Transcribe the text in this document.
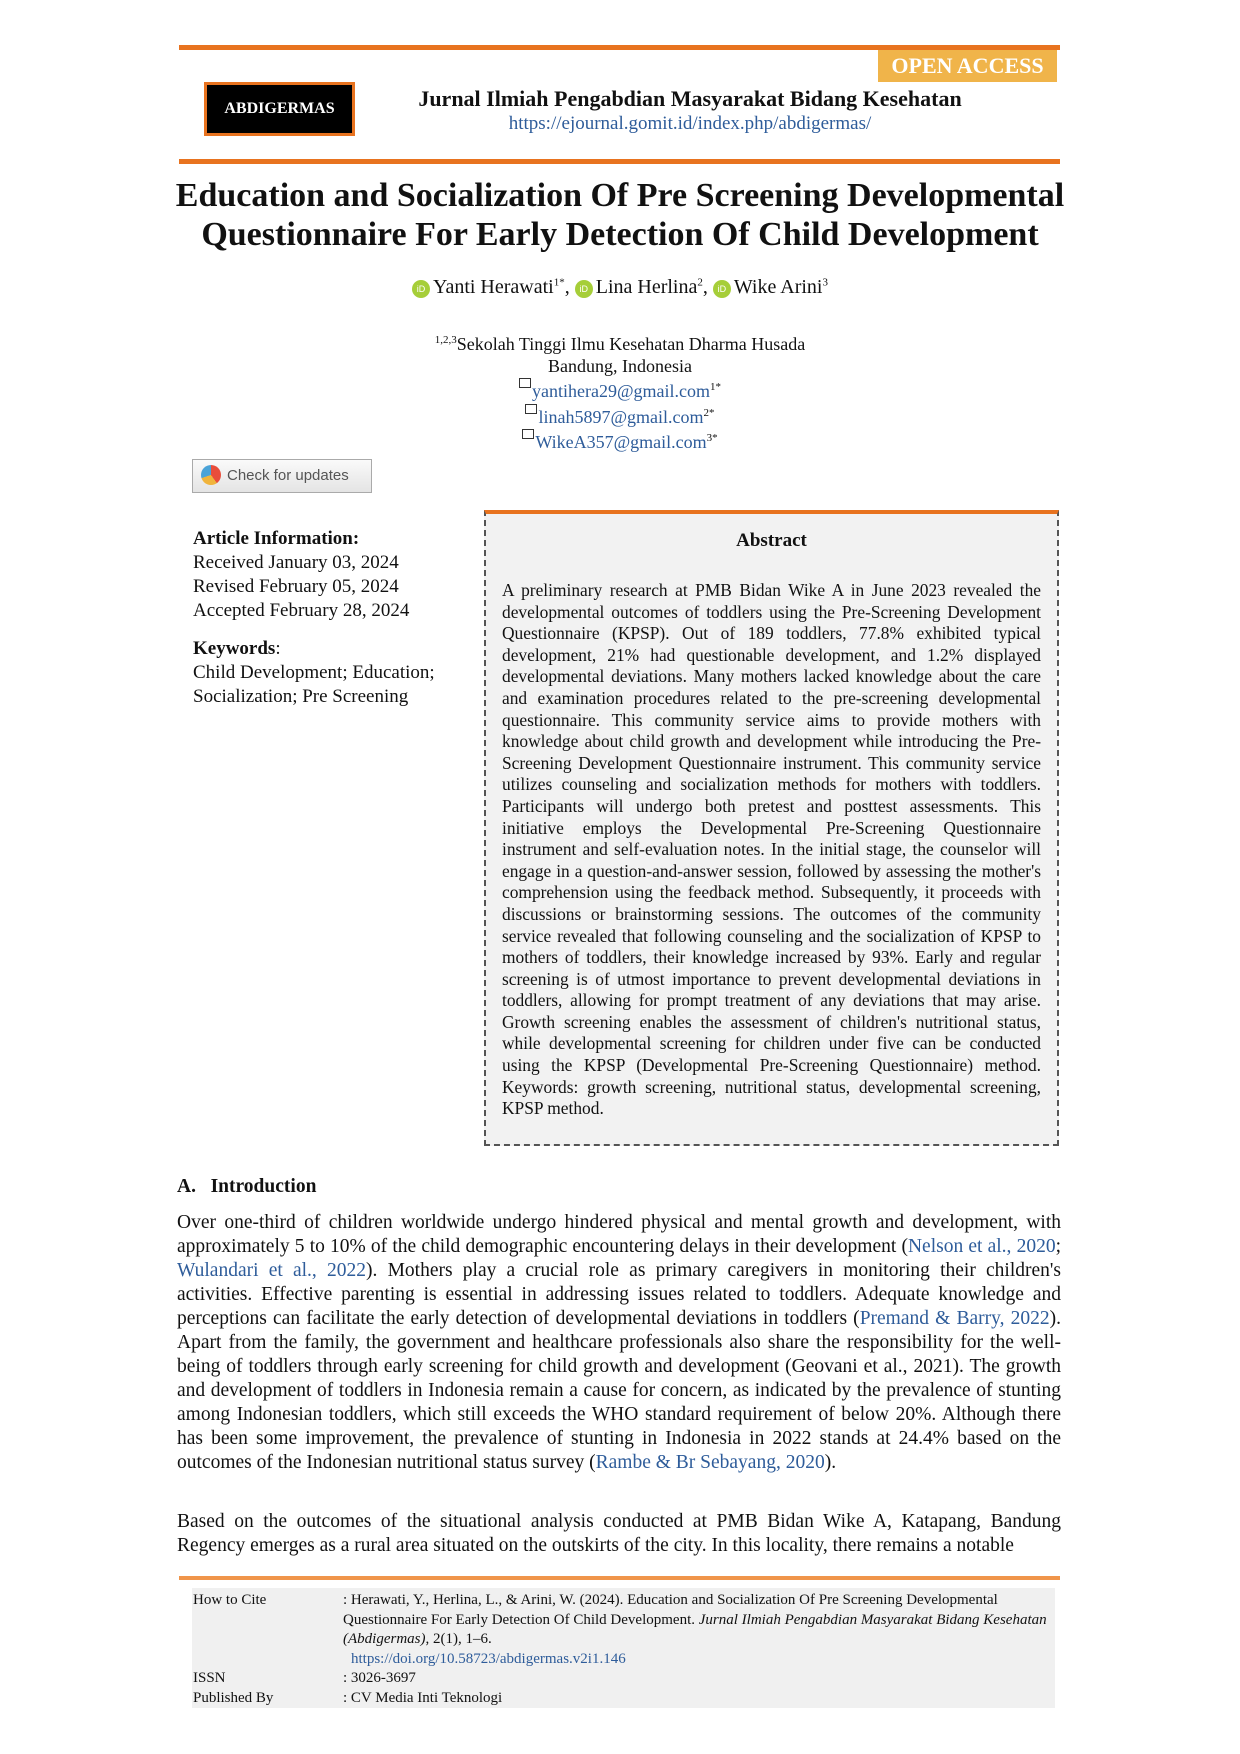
OPEN ACCESS
ABDIGERMAS	Jurnal Ilmiah Pengabdian Masyarakat Bidang Kesehatan
https://ejournal.gomit.id/index.php/abdigermas/
Education and Socialization Of Pre Screening Developmental
Questionnaire For Early Detection Of Child Development
iD Yanti Herawati$^{1*}$, iD Lina Herlina$^2$, iD Wike Arini$^3$
$^{1,2,3}$Sekolah Tinggi Ilmu Kesehatan Dharma Husada
Bandung, Indonesia
yantihera29@gmail.com$^{1*}$
linah5897@gmail.com$^{2*}$
WikeA357@gmail.com$^{3*}$
Check for updates
Article Information:
Received January 03, 2024
Revised February 05, 2024
Accepted February 28, 2024
Keywords:
Child Development; Education; Socialization; Pre Screening
Abstract
A preliminary research at PMB Bidan Wike A in June 2023 revealed the developmental outcomes of toddlers using the Pre-Screening Development Questionnaire (KPSP). Out of 189 toddlers, 77.8% exhibited typical development, 21% had questionable development, and 1.2% displayed developmental deviations. Many mothers lacked knowledge about the care and examination procedures related to the pre-screening developmental questionnaire. This community service aims to provide mothers with knowledge about child growth and development while introducing the Pre-Screening Development Questionnaire instrument. This community service utilizes counseling and socialization methods for mothers with toddlers. Participants will undergo both pretest and posttest assessments. This initiative employs the Developmental Pre-Screening Questionnaire instrument and self-evaluation notes. In the initial stage, the counselor will engage in a question-and-answer session, followed by assessing the mother's comprehension using the feedback method. Subsequently, it proceeds with discussions or brainstorming sessions. The outcomes of the community service revealed that following counseling and the socialization of KPSP to mothers of toddlers, their knowledge increased by 93%. Early and regular screening is of utmost importance to prevent developmental deviations in toddlers, allowing for prompt treatment of any deviations that may arise. Growth screening enables the assessment of children's nutritional status, while developmental screening for children under five can be conducted using the KPSP (Developmental Pre-Screening Questionnaire) method. Keywords: growth screening, nutritional status, developmental screening, KPSP method.
A.   Introduction
Over one-third of children worldwide undergo hindered physical and mental growth and development, with approximately 5 to 10% of the child demographic encountering delays in their development (Nelson et al., 2020; Wulandari et al., 2022). Mothers play a crucial role as primary caregivers in monitoring their children's activities. Effective parenting is essential in addressing issues related to toddlers. Adequate knowledge and perceptions can facilitate the early detection of developmental deviations in toddlers (Premand & Barry, 2022). Apart from the family, the government and healthcare professionals also share the responsibility for the well-being of toddlers through early screening for child growth and development (Geovani et al., 2021). The growth and development of toddlers in Indonesia remain a cause for concern, as indicated by the prevalence of stunting among Indonesian toddlers, which still exceeds the WHO standard requirement of below 20%. Although there has been some improvement, the prevalence of stunting in Indonesia in 2022 stands at 24.4% based on the outcomes of the Indonesian nutritional status survey (Rambe & Br Sebayang, 2020).
Based on the outcomes of the situational analysis conducted at PMB Bidan Wike A, Katapang, Bandung Regency emerges as a rural area situated on the outskirts of the city. In this locality, there remains a notable
How to Cite	: Herawati, Y., Herlina, L., & Arini, W. (2024). Education and Socialization Of Pre Screening Developmental Questionnaire For Early Detection Of Child Development. Jurnal Ilmiah Pengabdian Masyarakat Bidang Kesehatan (Abdigermas), 2(1), 1–6.
https://doi.org/10.58723/abdigermas.v2i1.146
ISSN	: 3026-3697
Published By	: CV Media Inti Teknologi
